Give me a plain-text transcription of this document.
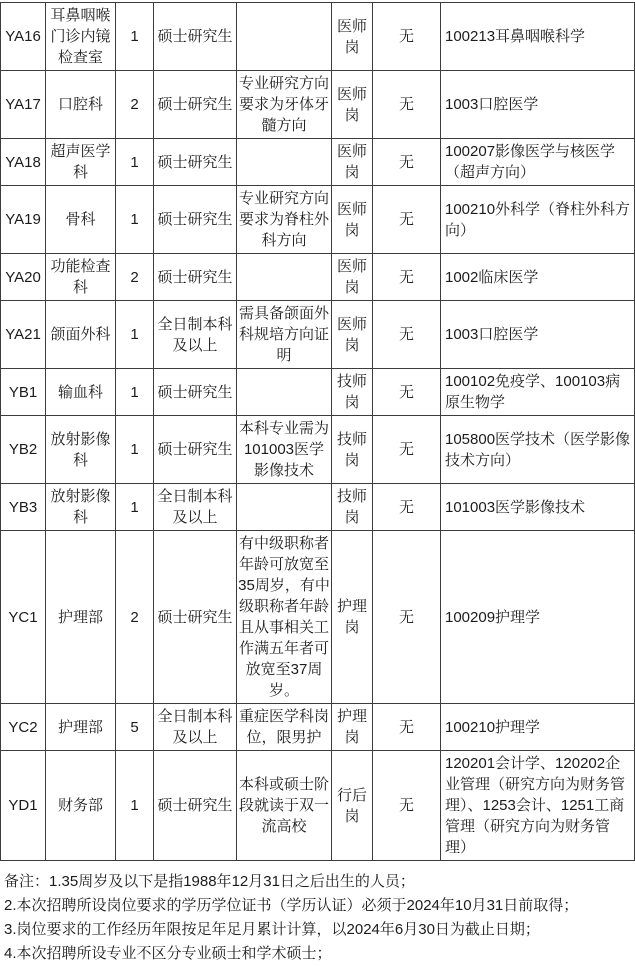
YA16	耳鼻咽喉门诊内镜检查室	1	硕士研究生		医师岗	无	100213耳鼻咽喉科学
YA17	口腔科	2	硕士研究生	专业研究方向要求为牙体牙髓方向	医师岗	无	1003口腔医学
YA18	超声医学科	1	硕士研究生		医师岗	无	100207影像医学与核医学（超声方向）
YA19	骨科	1	硕士研究生	专业研究方向要求为脊柱外科方向	医师岗	无	100210外科学（脊柱外科方向）
YA20	功能检查科	2	硕士研究生		医师岗	无	1002临床医学
YA21	颌面外科	1	全日制本科及以上	需具备颌面外科规培方向证明	医师岗	无	1003口腔医学
YB1	输血科	1	硕士研究生		技师岗	无	100102免疫学、100103病原生物学
YB2	放射影像科	1	硕士研究生	本科专业需为101003医学影像技术	技师岗	无	105800医学技术（医学影像技术方向）
YB3	放射影像科	1	全日制本科及以上		技师岗	无	101003医学影像技术
YC1	护理部	2	硕士研究生	有中级职称者年龄可放宽至35周岁，有中级职称者年龄且从事相关工作满五年者可放宽至37周岁。	护理岗	无	100209护理学
YC2	护理部	5	全日制本科及以上	重症医学科岗位，限男护	护理岗	无	100210护理学
YD1	财务部	1	硕士研究生	本科或硕士阶段就读于双一流高校	行后岗	无	120201会计学、120202企业管理（研究方向为财务管理）、1253会计、1251工商管理（研究方向为财务管理）
备注：1.35周岁及以下是指1988年12月31日之后出生的人员；
2.本次招聘所设岗位要求的学历学位证书（学历认证）必须于2024年10月31日前取得；
3.岗位要求的工作经历年限按足年足月累计计算，以2024年6月30日为截止日期；
4.本次招聘所设专业不区分专业硕士和学术硕士；
